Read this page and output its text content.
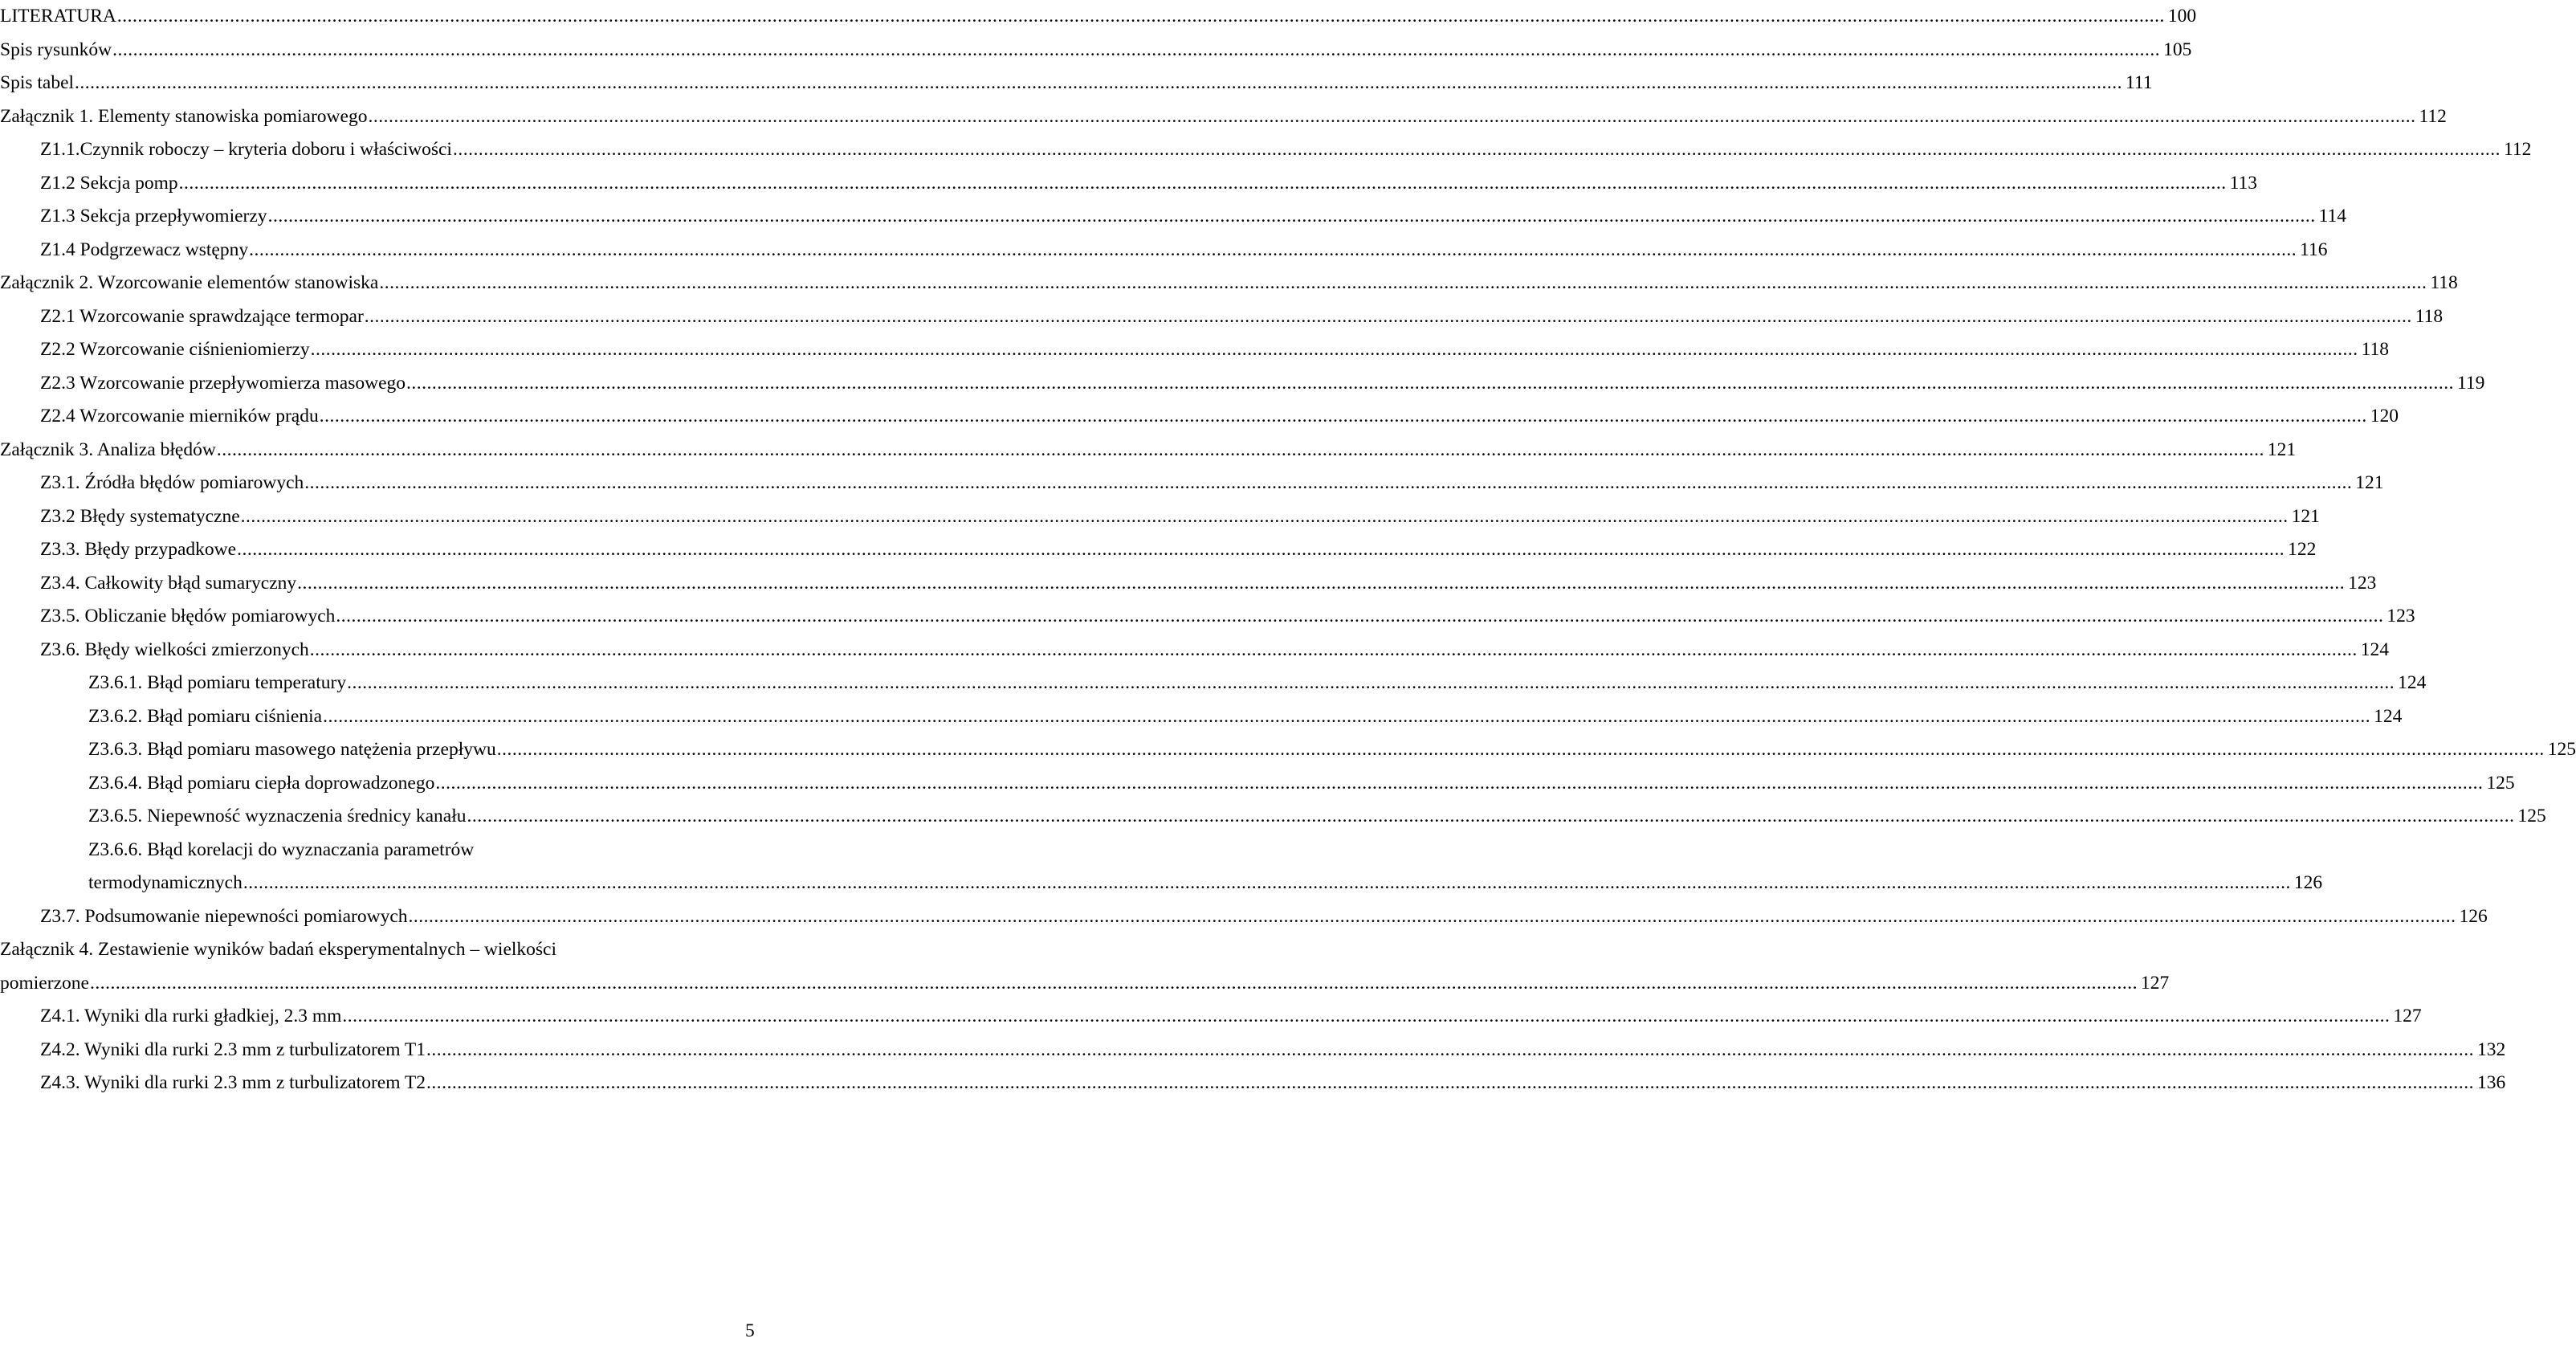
LITERATURA ................................................................................................................................................................................................................................................................................................................................................................................................................ 100
Spis rysunków ................................................................................................................................................................................................................................................................................................................................................................................................................ 105
Spis tabel ................................................................................................................................................................................................................................................................................................................................................................................................................ 111
Załącznik 1. Elementy stanowiska pomiarowego ................................................................................................................................................................................................................................................................................................................................................................................................................ 112
Z1.1.Czynnik roboczy – kryteria doboru i właściwości ................................................................................................................................................................................................................................................................................................................................................................................................................ 112
Z1.2 Sekcja pomp ................................................................................................................................................................................................................................................................................................................................................................................................................ 113
Z1.3 Sekcja przepływomierzy ................................................................................................................................................................................................................................................................................................................................................................................................................ 114
Z1.4 Podgrzewacz wstępny ................................................................................................................................................................................................................................................................................................................................................................................................................ 116
Załącznik 2. Wzorcowanie elementów stanowiska ................................................................................................................................................................................................................................................................................................................................................................................................................ 118
Z2.1 Wzorcowanie sprawdzające termopar ................................................................................................................................................................................................................................................................................................................................................................................................................ 118
Z2.2 Wzorcowanie ciśnieniomierzy ................................................................................................................................................................................................................................................................................................................................................................................................................ 118
Z2.3 Wzorcowanie przepływomierza masowego ................................................................................................................................................................................................................................................................................................................................................................................................................ 119
Z2.4 Wzorcowanie mierników prądu ................................................................................................................................................................................................................................................................................................................................................................................................................ 120
Załącznik 3. Analiza błędów ................................................................................................................................................................................................................................................................................................................................................................................................................ 121
Z3.1. Źródła błędów pomiarowych ................................................................................................................................................................................................................................................................................................................................................................................................................ 121
Z3.2 Błędy systematyczne ................................................................................................................................................................................................................................................................................................................................................................................................................ 121
Z3.3. Błędy przypadkowe ................................................................................................................................................................................................................................................................................................................................................................................................................ 122
Z3.4. Całkowity błąd sumaryczny ................................................................................................................................................................................................................................................................................................................................................................................................................ 123
Z3.5. Obliczanie błędów pomiarowych ................................................................................................................................................................................................................................................................................................................................................................................................................ 123
Z3.6. Błędy wielkości zmierzonych ................................................................................................................................................................................................................................................................................................................................................................................................................ 124
Z3.6.1. Błąd pomiaru temperatury ................................................................................................................................................................................................................................................................................................................................................................................................................ 124
Z3.6.2. Błąd pomiaru ciśnienia ................................................................................................................................................................................................................................................................................................................................................................................................................ 124
Z3.6.3. Błąd pomiaru masowego natężenia przepływu ................................................................................................................................................................................................................................................................................................................................................................................................................ 125
Z3.6.4. Błąd pomiaru ciepła doprowadzonego ................................................................................................................................................................................................................................................................................................................................................................................................................ 125
Z3.6.5. Niepewność wyznaczenia średnicy kanału ................................................................................................................................................................................................................................................................................................................................................................................................................ 125
Z3.6.6. Błąd korelacji do wyznaczania parametrów
termodynamicznych ................................................................................................................................................................................................................................................................................................................................................................................................................ 126
Z3.7. Podsumowanie niepewności pomiarowych ................................................................................................................................................................................................................................................................................................................................................................................................................ 126
Załącznik 4. Zestawienie wyników badań eksperymentalnych – wielkości
pomierzone ................................................................................................................................................................................................................................................................................................................................................................................................................ 127
Z4.1. Wyniki dla rurki gładkiej, 2.3 mm ................................................................................................................................................................................................................................................................................................................................................................................................................ 127
Z4.2. Wyniki dla rurki 2.3 mm z turbulizatorem T1 ................................................................................................................................................................................................................................................................................................................................................................................................................ 132
Z4.3. Wyniki dla rurki 2.3 mm z turbulizatorem T2 ................................................................................................................................................................................................................................................................................................................................................................................................................ 136
5
